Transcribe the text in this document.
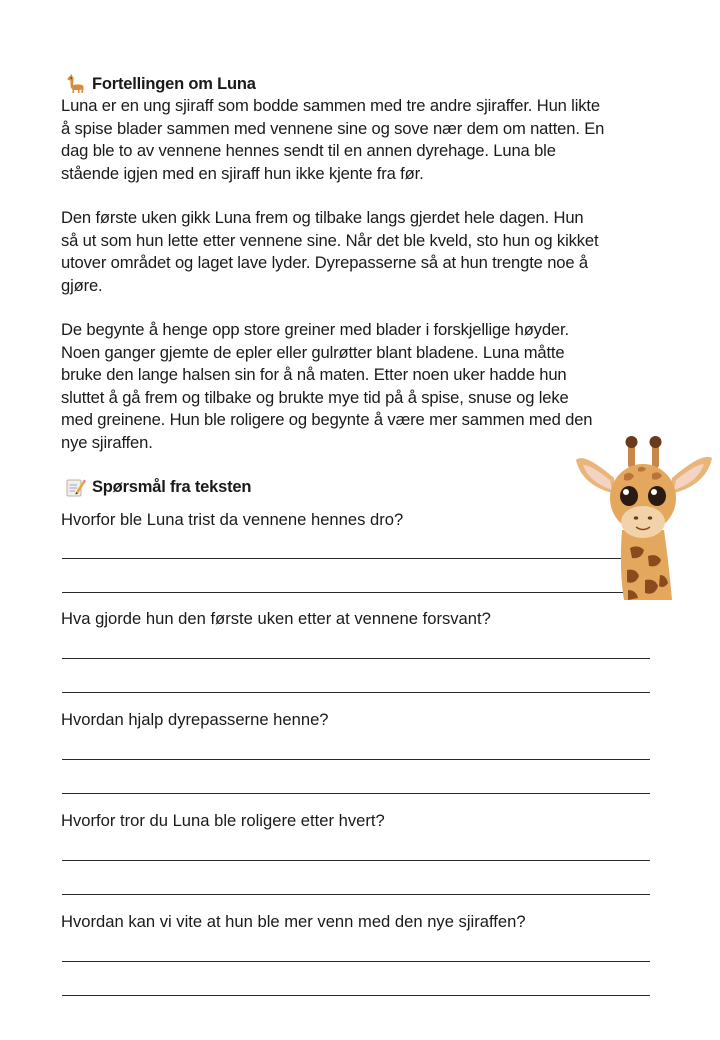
Fortellingen om Luna

Luna er en ung sjiraff som bodde sammen med tre andre sjiraffer. Hun likte
å spise blader sammen med vennene sine og sove nær dem om natten. En
dag ble to av vennene hennes sendt til en annen dyrehage. Luna ble
stående igjen med en sjiraff hun ikke kjente fra før.

Den første uken gikk Luna frem og tilbake langs gjerdet hele dagen. Hun
så ut som hun lette etter vennene sine. Når det ble kveld, sto hun og kikket
utover området og laget lave lyder. Dyrepasserne så at hun trengte noe å
gjøre.

De begynte å henge opp store greiner med blader i forskjellige høyder.
Noen ganger gjemte de epler eller gulrøtter blant bladene. Luna måtte
bruke den lange halsen sin for å nå maten. Etter noen uker hadde hun
sluttet å gå frem og tilbake og brukte mye tid på å spise, snuse og leke
med greinene. Hun ble roligere og begynte å være mer sammen med den
nye sjiraffen.

Spørsmål fra teksten

Hvorfor ble Luna trist da vennene hennes dro?

Hva gjorde hun den første uken etter at vennene forsvant?

Hvordan hjalp dyrepasserne henne?

Hvorfor tror du Luna ble roligere etter hvert?

Hvordan kan vi vite at hun ble mer venn med den nye sjiraffen?
